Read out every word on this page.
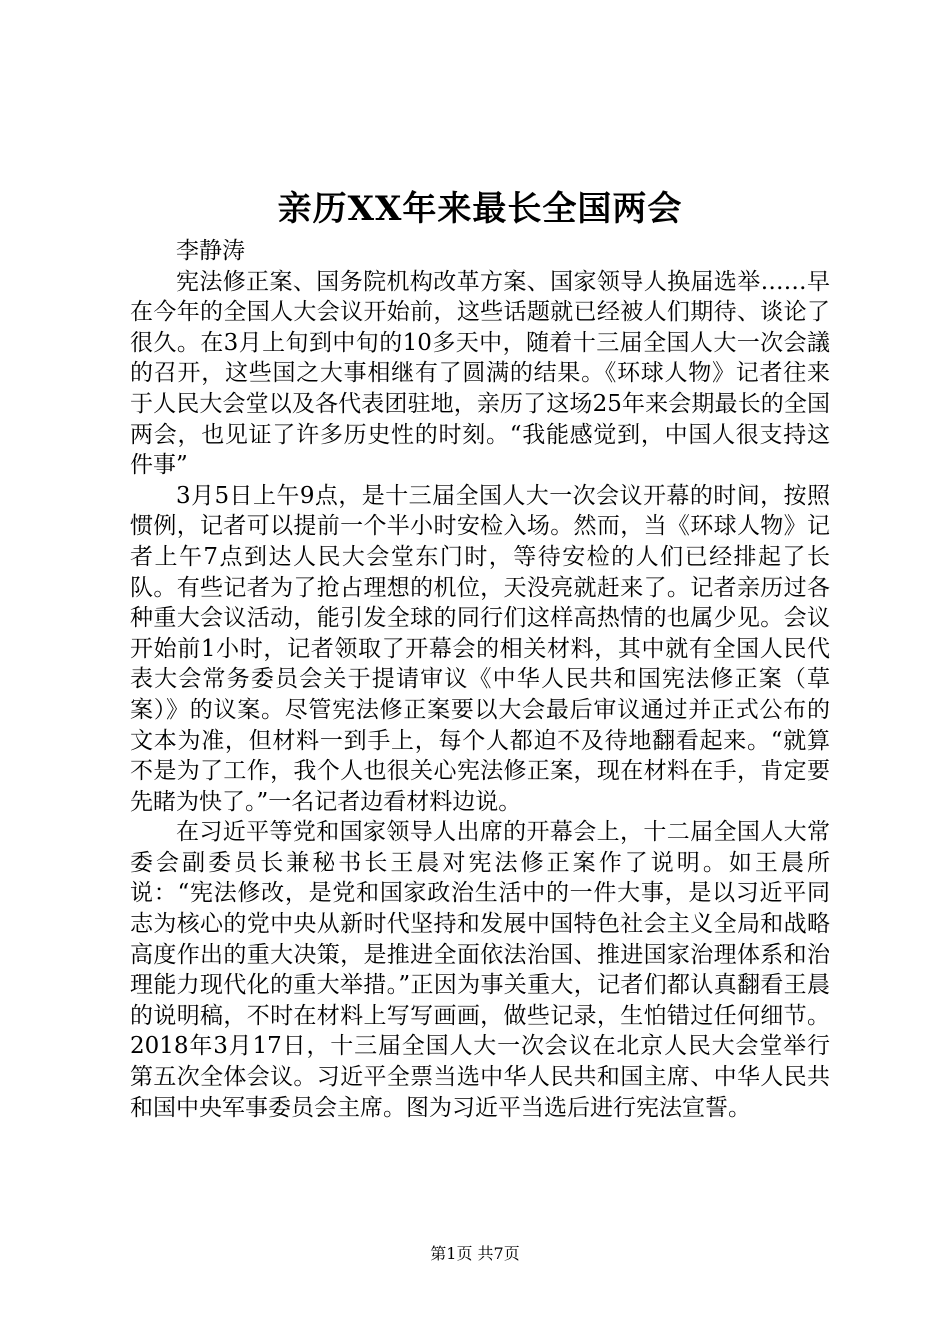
亲历XX年来最长全国两会

李静涛

宪法修正案、国务院机构改革方案、国家领导人换届选举……早在今年的全国人大会议开始前，这些话题就已经被人们期待、谈论了很久。在3月上旬到中旬的10多天中，随着十三届全国人大一次会議的召开，这些国之大事相继有了圆满的结果。《环球人物》记者往来于人民大会堂以及各代表团驻地，亲历了这场25年来会期最长的全国两会，也见证了许多历史性的时刻。“我能感觉到，中国人很支持这件事”

3月5日上午9点，是十三届全国人大一次会议开幕的时间，按照惯例，记者可以提前一个半小时安检入场。然而，当《环球人物》记者上午7点到达人民大会堂东门时，等待安检的人们已经排起了长队。有些记者为了抢占理想的机位，天没亮就赶来了。记者亲历过各种重大会议活动，能引发全球的同行们这样高热情的也属少见。会议开始前1小时，记者领取了开幕会的相关材料，其中就有全国人民代表大会常务委员会关于提请审议《中华人民共和国宪法修正案（草案）》的议案。尽管宪法修正案要以大会最后审议通过并正式公布的文本为准，但材料一到手上，每个人都迫不及待地翻看起来。“就算不是为了工作，我个人也很关心宪法修正案，现在材料在手，肯定要先睹为快了。”一名记者边看材料边说。

在习近平等党和国家领导人出席的开幕会上，十二届全国人大常委会副委员长兼秘书长王晨对宪法修正案作了说明。如王晨所说：“宪法修改，是党和国家政治生活中的一件大事，是以习近平同志为核心的党中央从新时代坚持和发展中国特色社会主义全局和战略高度作出的重大决策，是推进全面依法治国、推进国家治理体系和治理能力现代化的重大举措。”正因为事关重大，记者们都认真翻看王晨的说明稿，不时在材料上写写画画，做些记录，生怕错过任何细节。2018年3月17日，十三届全国人大一次会议在北京人民大会堂举行第五次全体会议。习近平全票当选中华人民共和国主席、中华人民共和国中央军事委员会主席。图为习近平当选后进行宪法宣誓。

第1页 共7页
